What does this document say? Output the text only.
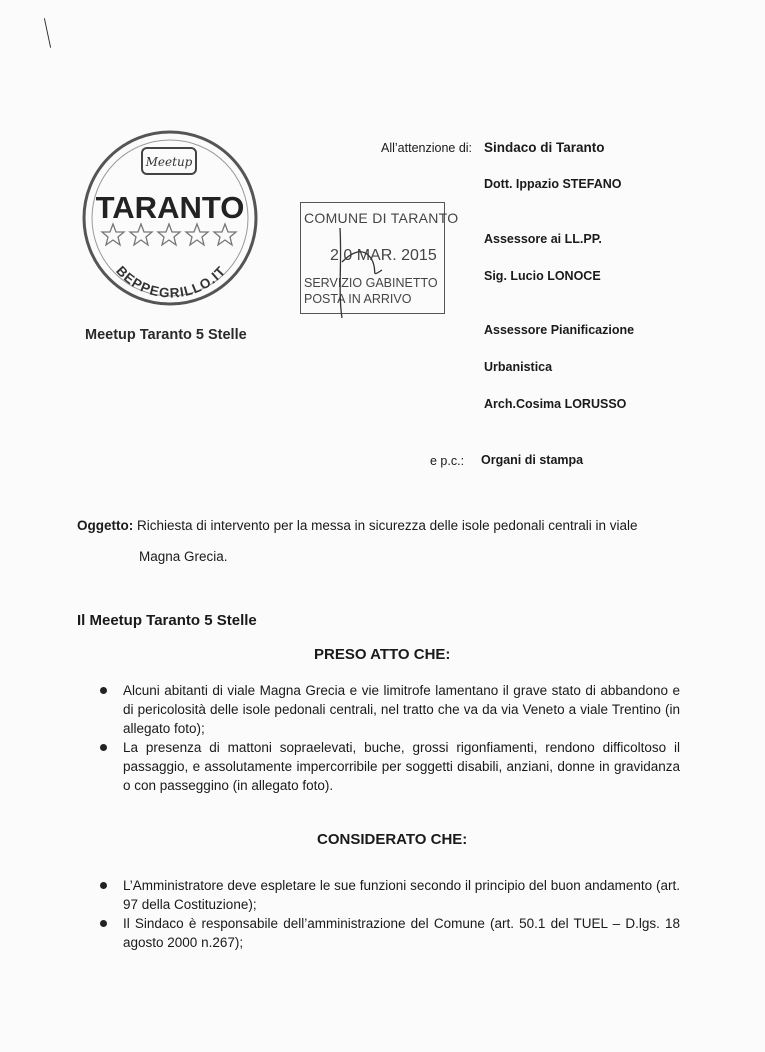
Meetup
TARANTO
BEPPEGRILLO.IT
Meetup Taranto 5 Stelle
COMUNE DI TARANTO
2 0 MAR. 2015
SERVIZIO GABINETTO
POSTA IN ARRIVO
All’attenzione di: Sindaco di Taranto
Dott. Ippazio STEFANO
Assessore ai LL.PP.
Sig. Lucio LONOCE
Assessore Pianificazione
Urbanistica
Arch.Cosima LORUSSO
e p.c.: Organi di stampa
Oggetto: Richiesta di intervento per la messa in sicurezza delle isole pedonali centrali in viale
Magna Grecia.
Il Meetup Taranto 5 Stelle
PRESO ATTO CHE:
Alcuni abitanti di viale Magna Grecia e vie limitrofe lamentano il grave stato di abbandono e di pericolosità delle isole pedonali centrali, nel tratto che va da via Veneto a viale Trentino (in allegato foto);
La presenza di mattoni sopraelevati, buche, grossi rigonfiamenti, rendono difficoltoso il passaggio, e assolutamente impercorribile per soggetti disabili, anziani, donne in gravidanza o con passeggino (in allegato foto).
CONSIDERATO CHE:
L’Amministratore deve espletare le sue funzioni secondo il principio del buon andamento (art. 97 della Costituzione);
Il Sindaco è responsabile dell’amministrazione del Comune (art. 50.1 del TUEL – D.lgs. 18 agosto 2000 n.267);
